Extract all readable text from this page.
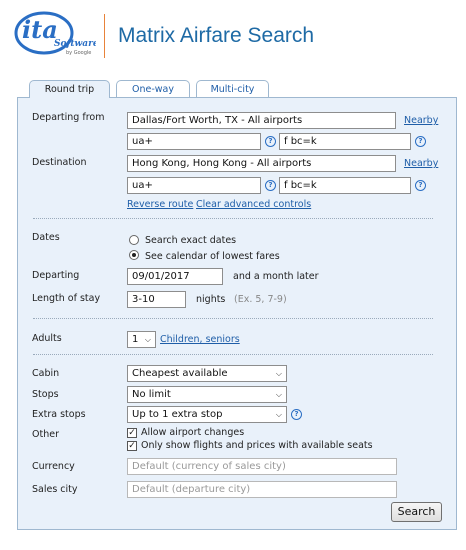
ita
Software
by Google
Matrix Airfare Search
Round trip	One-way	Multi-city
Departing from	Dallas/Fort Worth, TX - All airports	Nearby
ua+	?	f bc=k	?
Destination	Hong Kong, Hong Kong - All airports	Nearby
ua+	?	f bc=k	?
Reverse route Clear advanced controls
Dates	Search exact dates
See calendar of lowest fares
Departing	09/01/2017	and a month later
Length of stay	3-10	nights (Ex. 5, 7-9)
Adults	1 ⌵ Children, seniors
Cabin	Cheapest available	⌵
Stops	No limit	⌵
Extra stops	Up to 1 extra stop	⌵	?
Other	✓ Allow airport changes
✓ Only show flights and prices with available seats
Currency	Default (currency of sales city)
Sales city	Default (departure city)
Search
